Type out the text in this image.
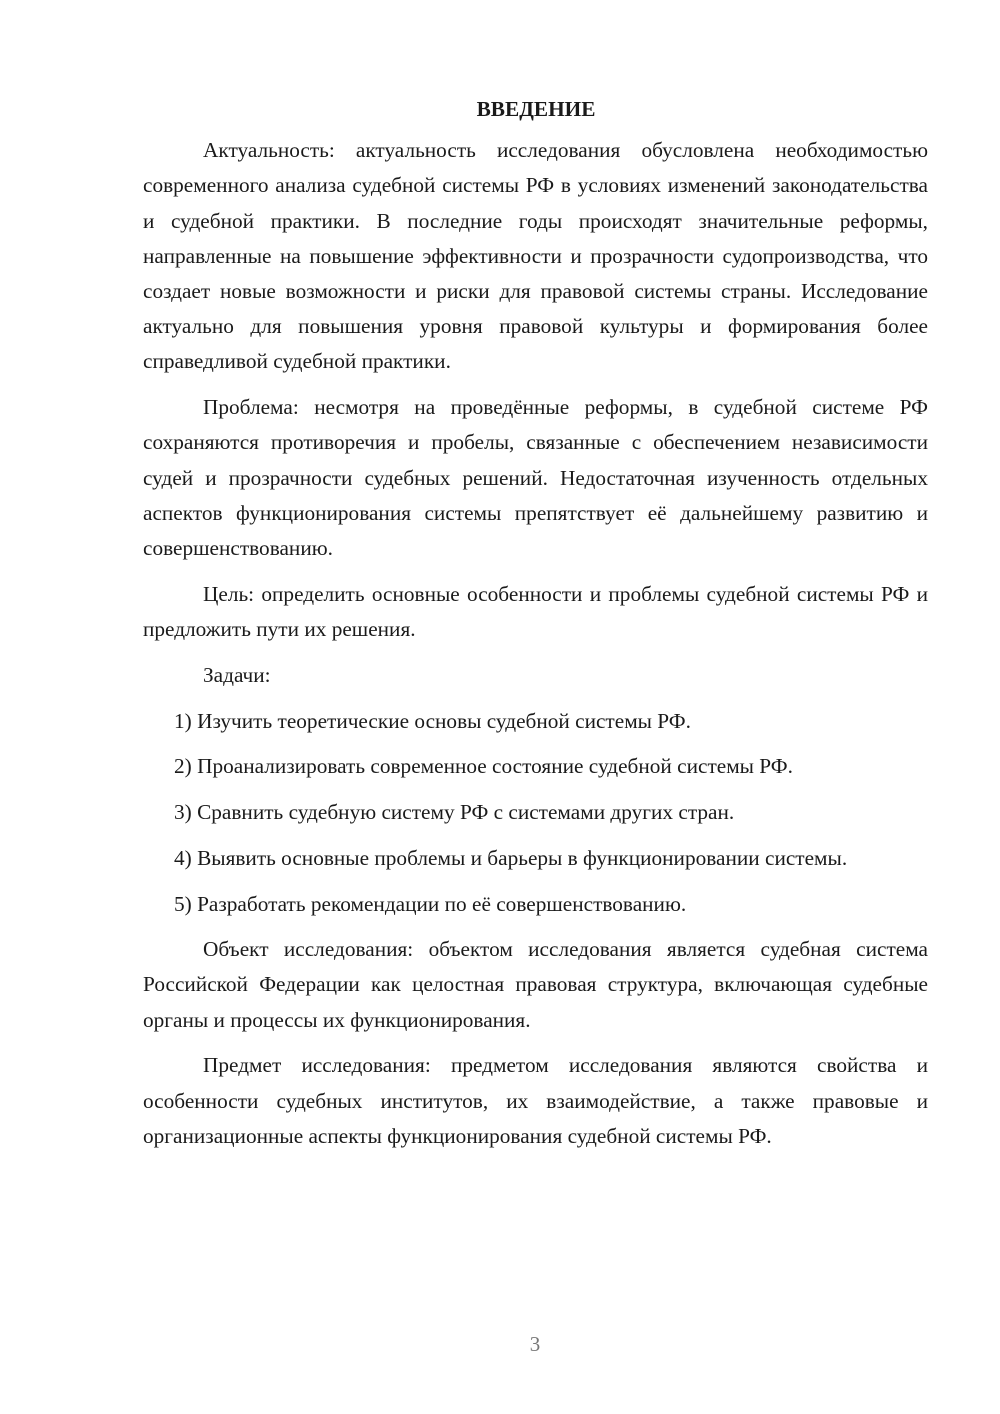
ВВЕДЕНИЕ

Актуальность: актуальность исследования обусловлена необходимостью современного анализа судебной системы РФ в условиях изменений законодательства и судебной практики. В последние годы происходят значительные реформы, направленные на повышение эффективности и прозрачности судопроизводства, что создает новые возможности и риски для правовой системы страны. Исследование актуально для повышения уровня правовой культуры и формирования более справедливой судебной практики.

Проблема: несмотря на проведённые реформы, в судебной системе РФ сохраняются противоречия и пробелы, связанные с обеспечением независимости судей и прозрачности судебных решений. Недостаточная изученность отдельных аспектов функционирования системы препятствует её дальнейшему развитию и совершенствованию.

Цель: определить основные особенности и проблемы судебной системы РФ и предложить пути их решения.

Задачи:

1) Изучить теоретические основы судебной системы РФ.

2) Проанализировать современное состояние судебной системы РФ.

3) Сравнить судебную систему РФ с системами других стран.

4) Выявить основные проблемы и барьеры в функционировании системы.

5) Разработать рекомендации по её совершенствованию.

Объект исследования: объектом исследования является судебная система Российской Федерации как целостная правовая структура, включающая судебные органы и процессы их функционирования.

Предмет исследования: предметом исследования являются свойства и особенности судебных институтов, их взаимодействие, а также правовые и организационные аспекты функционирования судебной системы РФ.

3
